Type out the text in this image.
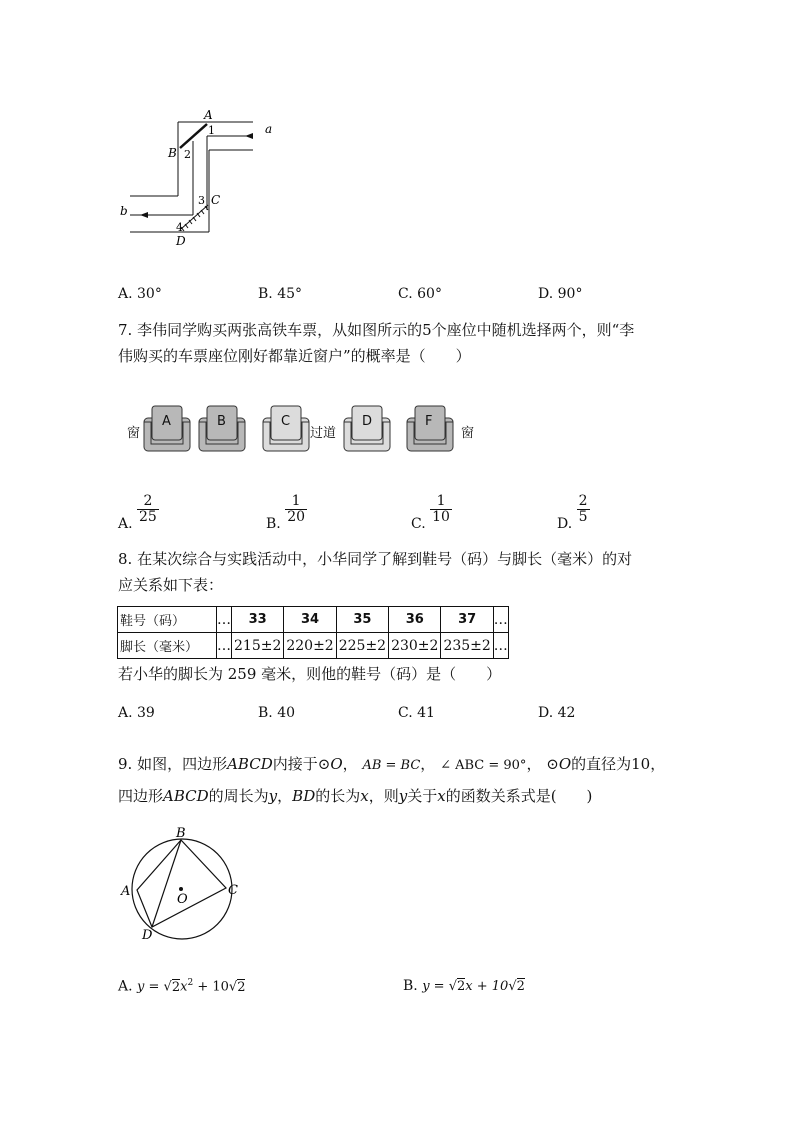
A
1
B 2
a
3 C
b
4
D
A. 30°	B. 45°	C. 60°	D. 90°
7. 李伟同学购买两张高铁车票，从如图所示的5个座位中随机选择两个，则“李
伟购买的车票座位刚好都靠近窗户”的概率是（　　）
窗	过道	窗
A	B	C	D	F
A. $\frac{2}{25}$	B. $\frac{1}{20}$	C. $\frac{1}{10}$	D. $\frac{2}{5}$
8. 在某次综合与实践活动中，小华同学了解到鞋号（码）与脚长（毫米）的对
应关系如下表：
鞋号（码）	…	33	34	35	36	37	…
脚长（毫米）	…	215±2	220±2	225±2	230±2	235±2	…
若小华的脚长为 259 毫米，则他的鞋号（码）是（　　）
A. 39	B. 40	C. 41	D. 42
9. 如图，四边形ABCD内接于⊙O， AB = BC， ∠ ABC = 90°， ⊙O的直径为10，
四边形ABCD的周长为y，BD的长为x，则y关于x的函数关系式是(　　)
B
A	C
D
O
A. $y = √2x^2 + 10√2$	B. y = √2x + 10√2
